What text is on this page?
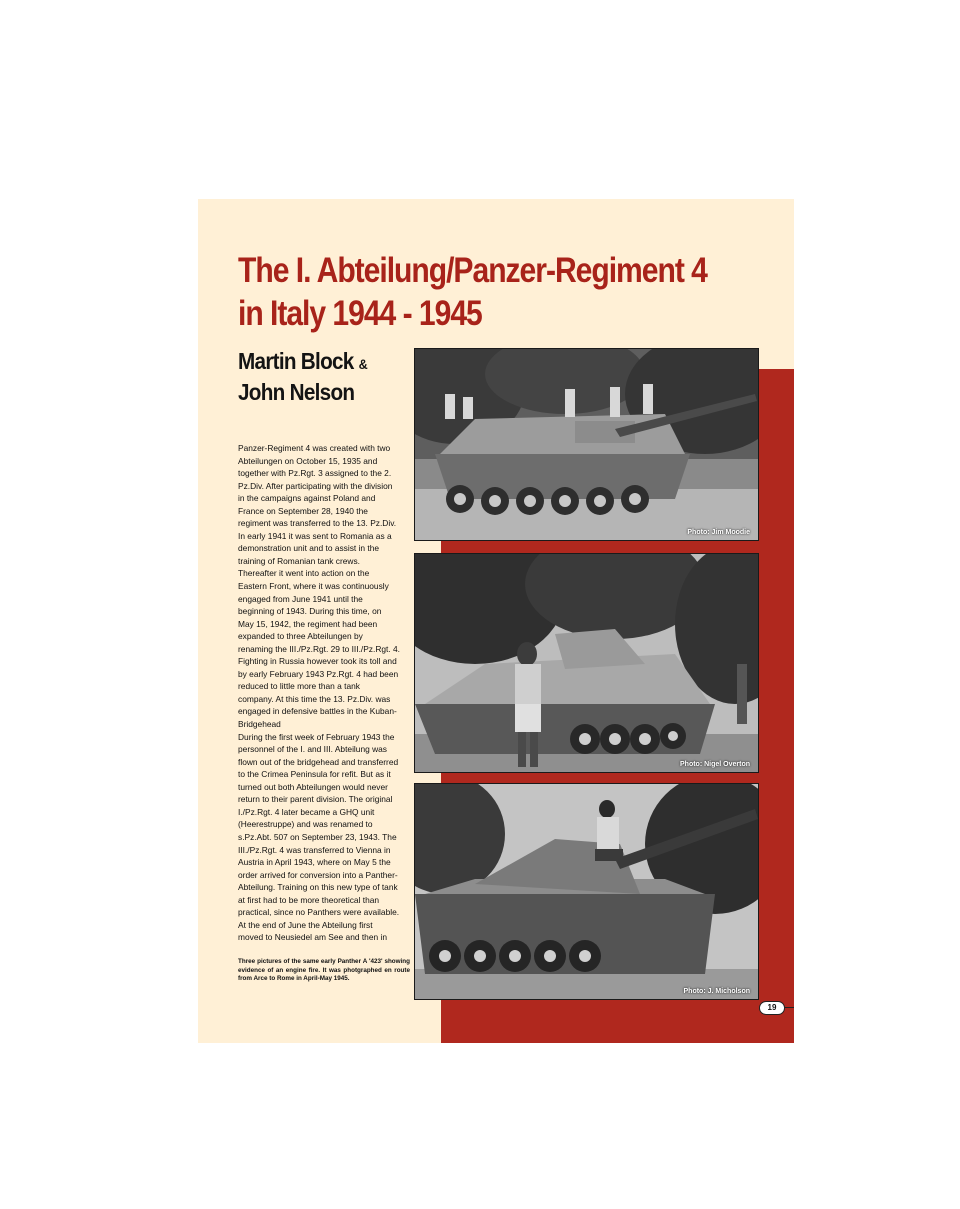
The I. Abteilung/Panzer-Regiment 4
in Italy 1944 - 1945
Martin Block &
John Nelson

Panzer-Regiment 4 was created with two
Abteilungen on October 15, 1935 and
together with Pz.Rgt. 3 assigned to the 2.
Pz.Div. After participating with the division
in the campaigns against Poland and
France on September 28, 1940 the
regiment was transferred to the 13. Pz.Div.
In early 1941 it was sent to Romania as a
demonstration unit and to assist in the
training of Romanian tank crews.
Thereafter it went into action on the
Eastern Front, where it was continuously
engaged from June 1941 until the
beginning of 1943. During this time, on
May 15, 1942, the regiment had been
expanded to three Abteilungen by
renaming the III./Pz.Rgt. 29 to III./Pz.Rgt. 4.
Fighting in Russia however took its toll and
by early February 1943 Pz.Rgt. 4 had been
reduced to little more than a tank
company. At this time the 13. Pz.Div. was
engaged in defensive battles in the Kuban-
Bridgehead
During the first week of February 1943 the
personnel of the I. and III. Abteilung was
flown out of the bridgehead and transferred
to the Crimea Peninsula for refit. But as it
turned out both Abteilungen would never
return to their parent division. The original
I./Pz.Rgt. 4 later became a GHQ unit
(Heerestruppe) and was renamed to
s.Pz.Abt. 507 on September 23, 1943. The
III./Pz.Rgt. 4 was transferred to Vienna in
Austria in April 1943, where on May 5 the
order arrived for conversion into a Panther-
Abteilung. Training on this new type of tank
at first had to be more theoretical than
practical, since no Panthers were available.
At the end of June the Abteilung first
moved to Neusiedel am See and then in

Three pictures of the same early Panther A '423' showing evidence of an engine fire. It was photgraphed en route from Arce to Rome in April-May 1945.

Photo: Jim Moodie
Photo: Nigel Overton
Photo: J. Micholson
19
